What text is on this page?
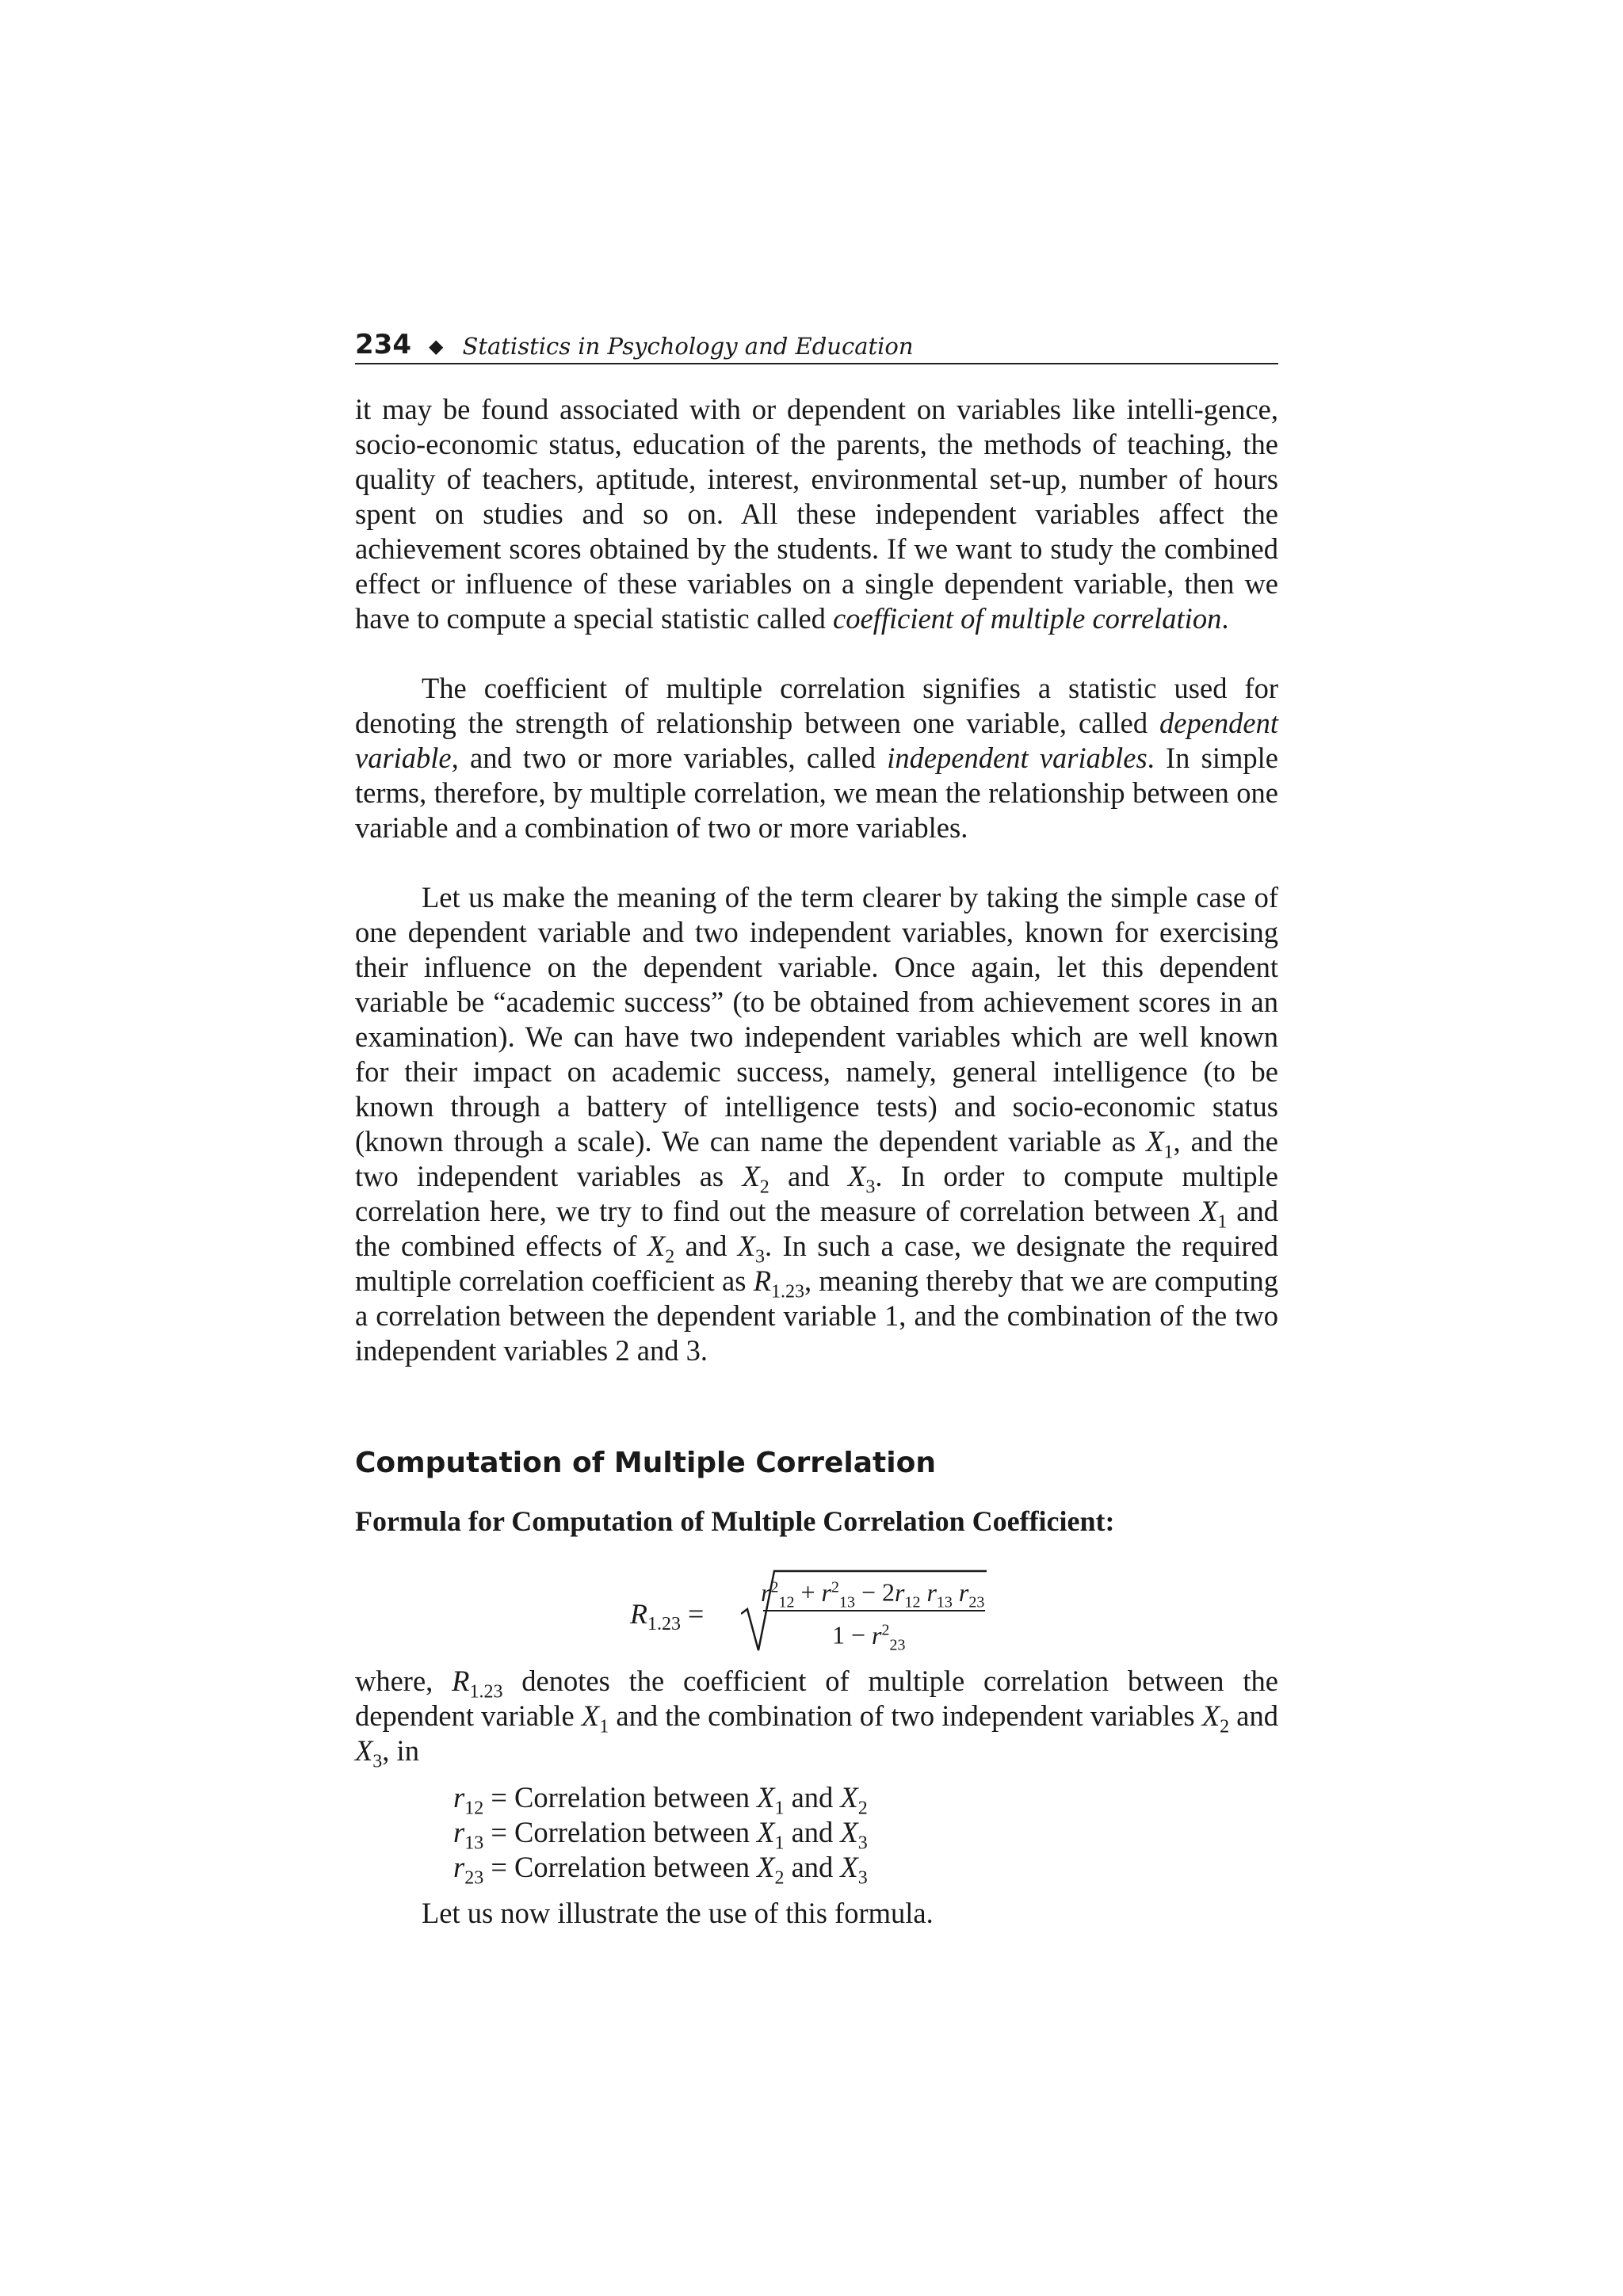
234 ◆ Statistics in Psychology and Education

it may be found associated with or dependent on variables like intelli-gence, socio-economic status, education of the parents, the methods of teaching, the quality of teachers, aptitude, interest, environmental set-up, number of hours spent on studies and so on. All these independent variables affect the achievement scores obtained by the students. If we want to study the combined effect or influence of these variables on a single dependent variable, then we have to compute a special statistic called coefficient of multiple correlation.

The coefficient of multiple correlation signifies a statistic used for denoting the strength of relationship between one variable, called dependent variable, and two or more variables, called independent variables. In simple terms, therefore, by multiple correlation, we mean the relationship between one variable and a combination of two or more variables.

Let us make the meaning of the term clearer by taking the simple case of one dependent variable and two independent variables, known for exercising their influence on the dependent variable. Once again, let this dependent variable be “academic success” (to be obtained from achievement scores in an examination). We can have two independent variables which are well known for their impact on academic success, namely, general intelligence (to be known through a battery of intelligence tests) and socio-economic status (known through a scale). We can name the dependent variable as $X_1$, and the two independent variables as $X_2$ and $X_3$. In order to compute multiple correlation here, we try to find out the measure of correlation between $X_1$ and the combined effects of $X_2$ and $X_3$. In such a case, we designate the required multiple correlation coefficient as $R_{1.23}$, meaning thereby that we are computing a correlation between the dependent variable 1, and the combination of the two independent variables 2 and 3.

Computation of Multiple Correlation
Formula for Computation of Multiple Correlation Coefficient:
$R_{1.23}$ =
$r^2_{12} + r^2_{13} - 2r_{12}$ $r_{13}$ $r_{23}$
$1 - r^2_{23}$

where, $R_{1.23}$ denotes the coefficient of multiple correlation between the dependent variable $X_1$ and the combination of two independent variables $X_2$ and $X_3$, in

$r_{12}$ = Correlation between $X_1$ and $X_2$
$r_{13}$ = Correlation between $X_1$ and $X_3$
$r_{23}$ = Correlation between $X_2$ and $X_3$
Let us now illustrate the use of this formula.
